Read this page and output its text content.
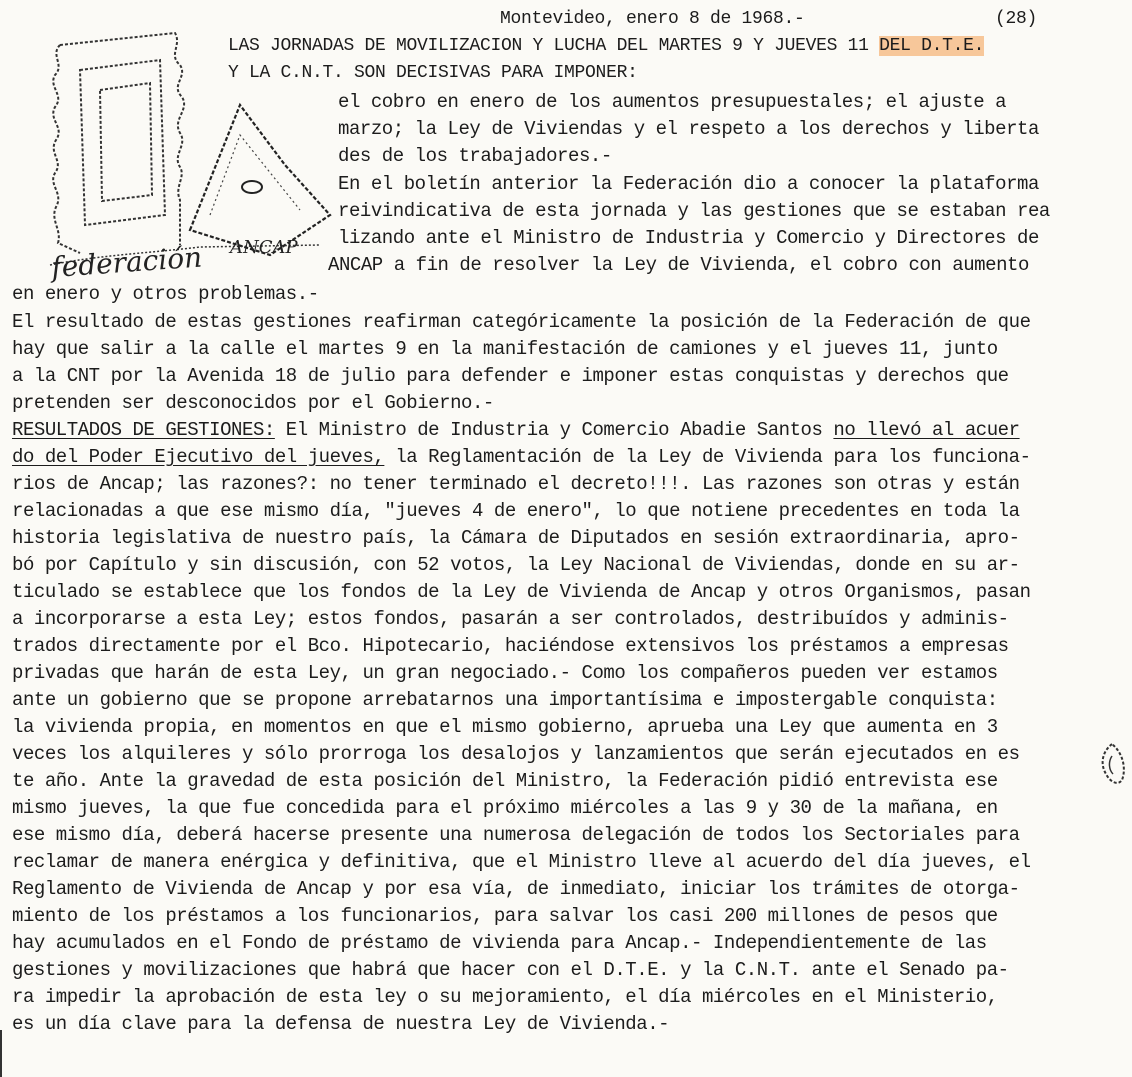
federación ANCAP
Montevideo, enero 8 de 1968.-	(28)
LAS JORNADAS DE MOVILIZACION Y LUCHA DEL MARTES 9 Y JUEVES 11 DEL D.T.E.
Y LA C.N.T. SON DECISIVAS PARA IMPONER:
el cobro en enero de los aumentos presupuestales; el ajuste a
marzo; la Ley de Viviendas y el respeto a los derechos y liberta
des de los trabajadores.-
En el boletín anterior la Federación dio a conocer la plataforma
reivindicativa de esta jornada y las gestiones que se estaban rea
lizando ante el Ministro de Industria y Comercio y Directores de
ANCAP a fin de resolver la Ley de Vivienda, el cobro con aumento
en enero y otros problemas.-
El resultado de estas gestiones reafirman categóricamente la posición de la Federación de que
hay que salir a la calle el martes 9 en la manifestación de camiones y el jueves 11, junto
a la CNT por la Avenida 18 de julio para defender e imponer estas conquistas y derechos que
pretenden ser desconocidos por el Gobierno.-
RESULTADOS DE GESTIONES: El Ministro de Industria y Comercio Abadie Santos no llevó al acuer
do del Poder Ejecutivo del jueves, la Reglamentación de la Ley de Vivienda para los funciona-
rios de Ancap; las razones?: no tener terminado el decreto!!!. Las razones son otras y están
relacionadas a que ese mismo día, "jueves 4 de enero", lo que notiene precedentes en toda la
historia legislativa de nuestro país, la Cámara de Diputados en sesión extraordinaria, apro-
bó por Capítulo y sin discusión, con 52 votos, la Ley Nacional de Viviendas, donde en su ar-
ticulado se establece que los fondos de la Ley de Vivienda de Ancap y otros Organismos, pasan
a incorporarse a esta Ley; estos fondos, pasarán a ser controlados, destribuídos y adminis-
trados directamente por el Bco. Hipotecario, haciéndose extensivos los préstamos a empresas
privadas que harán de esta Ley, un gran negociado.- Como los compañeros pueden ver estamos
ante un gobierno que se propone arrebatarnos una importantísima e impostergable conquista:
la vivienda propia, en momentos en que el mismo gobierno, aprueba una Ley que aumenta en 3
veces los alquileres y sólo prorroga los desalojos y lanzamientos que serán ejecutados en es
te año. Ante la gravedad de esta posición del Ministro, la Federación pidió entrevista ese
mismo jueves, la que fue concedida para el próximo miércoles a las 9 y 30 de la mañana, en
ese mismo día, deberá hacerse presente una numerosa delegación de todos los Sectoriales para
reclamar de manera enérgica y definitiva, que el Ministro lleve al acuerdo del día jueves, el
Reglamento de Vivienda de Ancap y por esa vía, de inmediato, iniciar los trámites de otorga-
miento de los préstamos a los funcionarios, para salvar los casi 200 millones de pesos que
hay acumulados en el Fondo de préstamo de vivienda para Ancap.- Independientemente de las
gestiones y movilizaciones que habrá que hacer con el D.T.E. y la C.N.T. ante el Senado pa-
ra impedir la aprobación de esta ley o su mejoramiento, el día miércoles en el Ministerio,
es un día clave para la defensa de nuestra Ley de Vivienda.-
